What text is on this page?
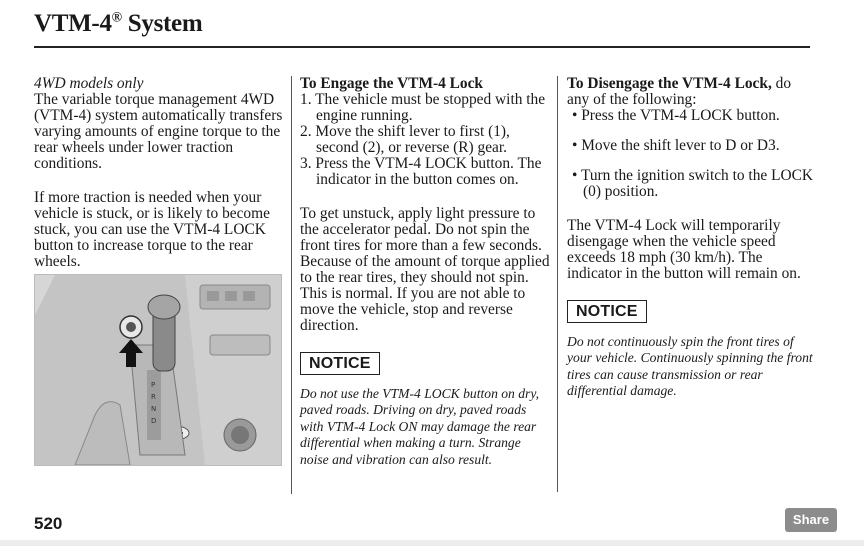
VTM-4® System

4WD models only

The variable torque management 4WD (VTM-4) system automatically transfers varying amounts of engine torque to the rear wheels under lower traction conditions.

If more traction is needed when your vehicle is stuck, or is likely to become stuck, you can use the VTM-4 LOCK button to increase torque to the rear wheels.

P
R
N
D

To Engage the VTM-4 Lock

1. The vehicle must be stopped with the engine running.
2. Move the shift lever to first (1), second (2), or reverse (R) gear.
3. Press the VTM-4 LOCK button. The indicator in the button comes on.

To get unstuck, apply light pressure to the accelerator pedal. Do not spin the front tires for more than a few seconds. Because of the amount of torque applied to the rear tires, they should not spin. This is normal. If you are not able to move the vehicle, stop and reverse direction.

NOTICE

Do not use the VTM-4 LOCK button on dry, paved roads. Driving on dry, paved roads with VTM-4 Lock ON may damage the rear differential when making a turn. Strange noise and vibration can also result.

To Disengage the VTM-4 Lock, do any of the following:

• Press the VTM-4 LOCK button.
• Move the shift lever to D or D3.
• Turn the ignition switch to the LOCK (0) position.

The VTM-4 Lock will temporarily disengage when the vehicle speed exceeds 18 mph (30 km/h). The indicator in the button will remain on.

NOTICE

Do not continuously spin the front tires of your vehicle. Continuously spinning the front tires can cause transmission or rear differential damage.

520	Share
